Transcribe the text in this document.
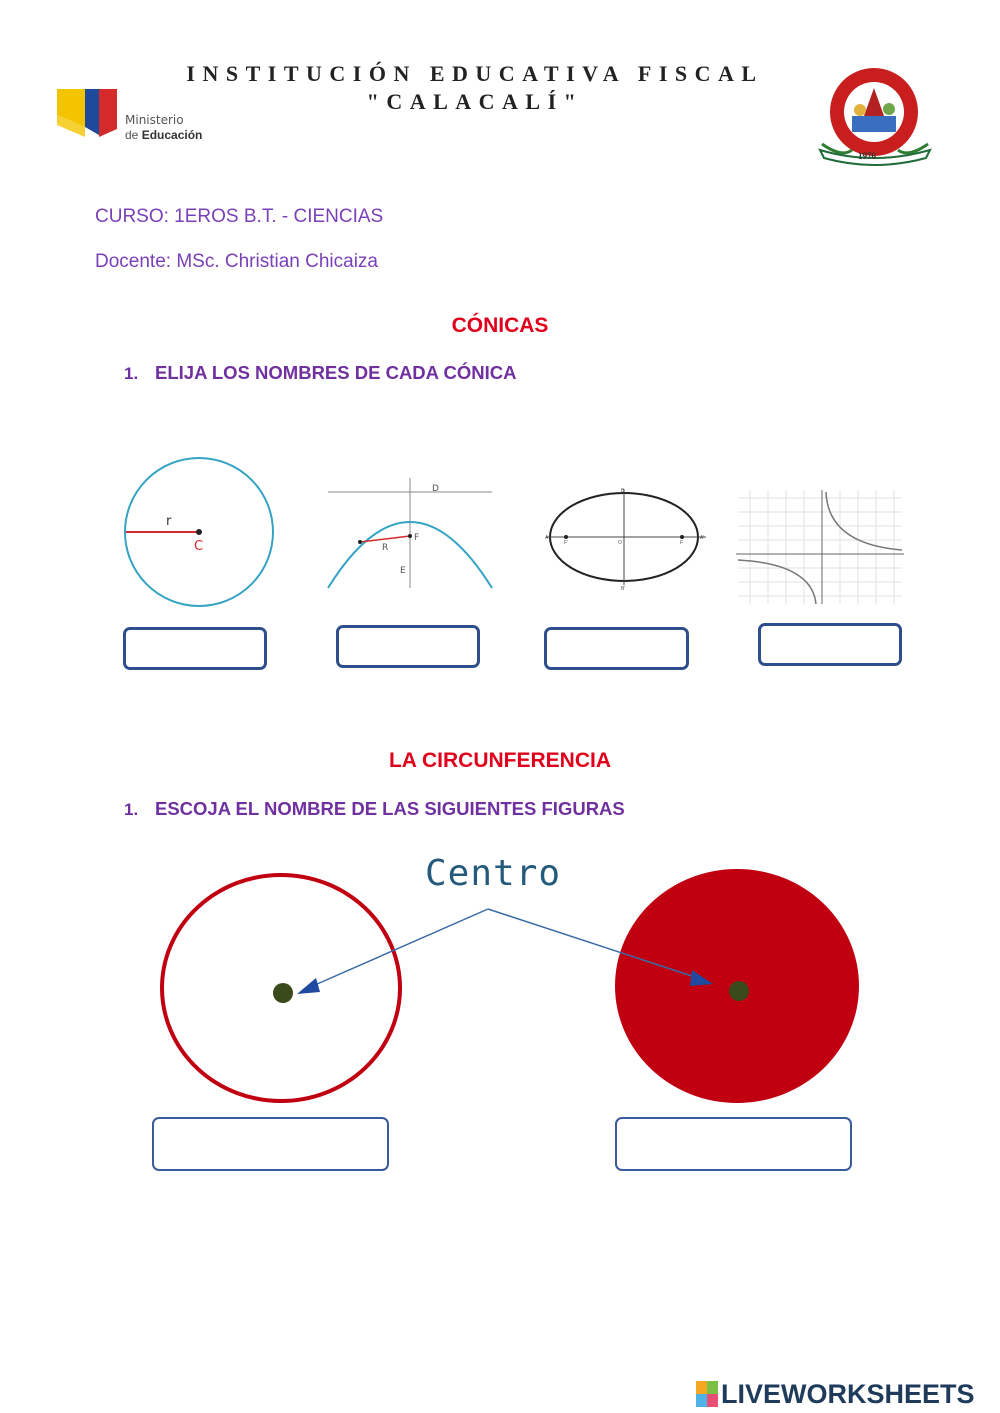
Ministerio
de Educación
INSTITUCIÓN EDUCATIVA FISCAL
"CALACALÍ"
1976
CURSO: 1EROS B.T. - CIENCIAS
Docente: MSc. Christian Chicaiza
CÓNICAS
1. ELIJA LOS NOMBRES DE CADA CÓNICA
r
C
D
F
R
E
B
A
F'	O	F
A'
B'
LA CIRCUNFERENCIA
1. ESCOJA EL NOMBRE DE LAS SIGUIENTES FIGURAS
Centro
LIVEWORKSHEETS
